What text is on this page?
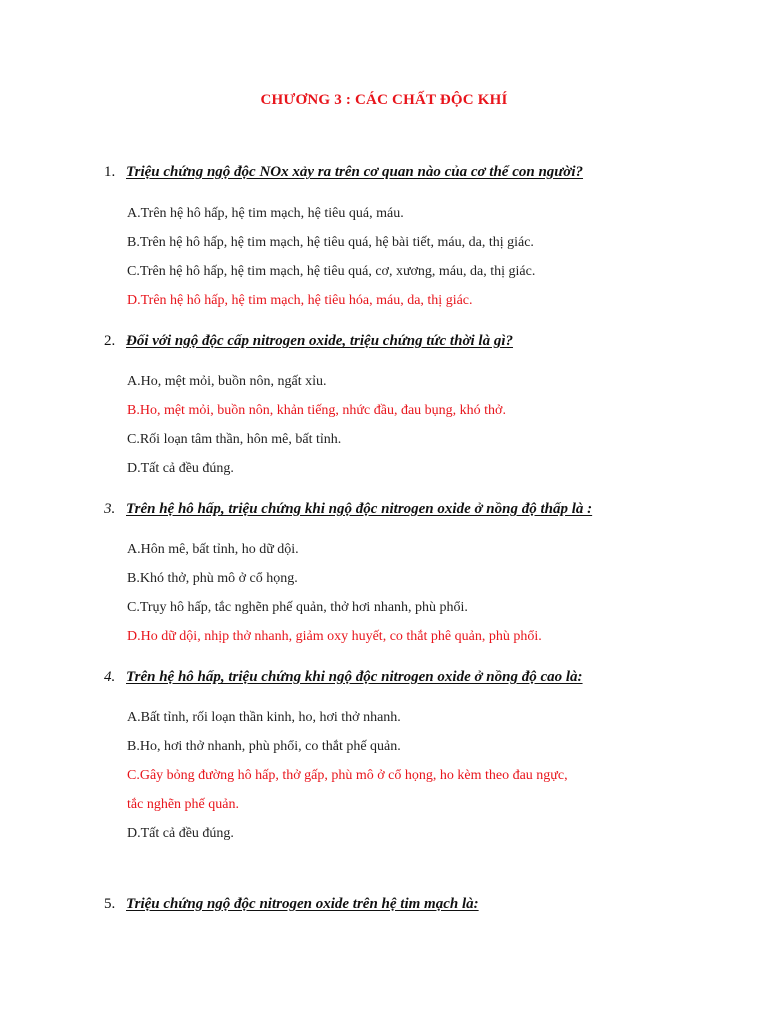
CHƯƠNG 3 : CÁC CHẤT ĐỘC KHÍ
1. Triệu chứng ngộ độc NOx xảy ra trên cơ quan nào của cơ thể con người?
A.Trên hệ hô hấp, hệ tim mạch, hệ tiêu quá, máu.
B.Trên hệ hô hấp, hệ tim mạch, hệ tiêu quá, hệ bài tiết, máu, da, thị giác.
C.Trên hệ hô hấp, hệ tim mạch, hệ tiêu quá, cơ, xương, máu, da, thị giác.
D.Trên hệ hô hấp, hệ tim mạch, hệ tiêu hóa, máu, da, thị giác.
2. Đối với ngộ độc cấp nitrogen oxide, triệu chứng tức thời là gì?
A.Ho, mệt mỏi, buồn nôn, ngất xỉu.
B.Ho, mệt mỏi, buồn nôn, khản tiếng, nhức đầu, đau bụng, khó thở.
C.Rối loạn tâm thần, hôn mê, bất tỉnh.
D.Tất cả đều đúng.
3. Trên hệ hô hấp, triệu chứng khi ngộ độc nitrogen oxide ở nồng độ thấp là :
A.Hôn mê, bất tỉnh, ho dữ dội.
B.Khó thở, phù mô ở cổ họng.
C.Trụy hô hấp, tắc nghẽn phế quản, thở hơi nhanh, phù phổi.
D.Ho dữ dội, nhịp thở nhanh, giảm oxy huyết, co thắt phê quản, phù phổi.
4. Trên hệ hô hấp, triệu chứng khi ngộ độc nitrogen oxide ở nồng độ cao là:
A.Bất tỉnh, rối loạn thần kinh, ho, hơi thở nhanh.
B.Ho, hơi thở nhanh, phù phổi, co thắt phế quản.
C.Gây bỏng đường hô hấp, thở gấp, phù mô ở cổ họng, ho kèm theo đau ngực,
tắc nghẽn phế quản.
D.Tất cả đều đúng.
5. Triệu chứng ngộ độc nitrogen oxide trên hệ tim mạch là:
